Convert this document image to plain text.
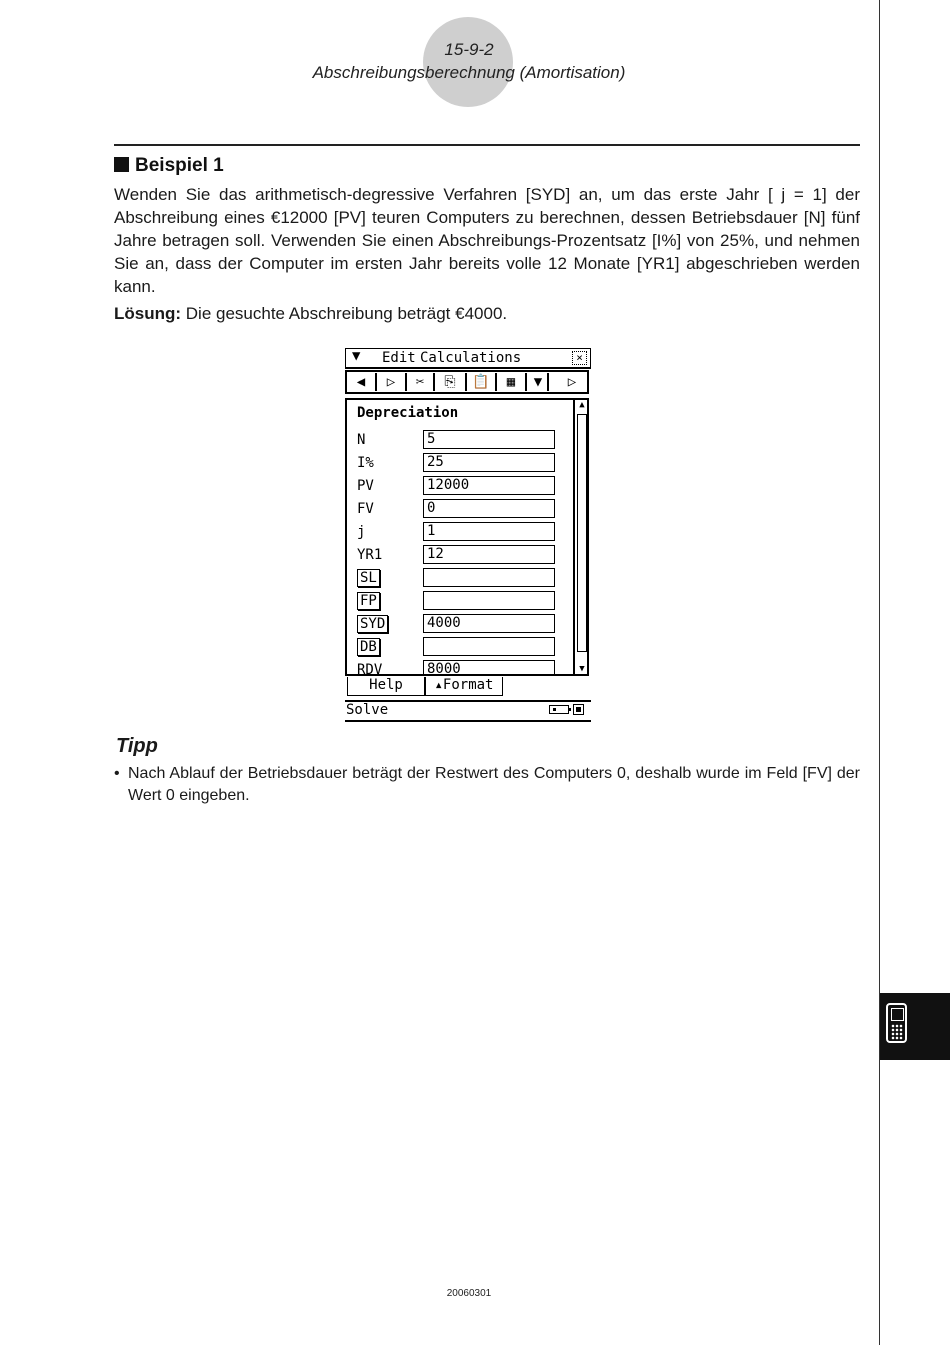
15-9-2
Abschreibungsberechnung (Amortisation)
Beispiel 1
Wenden Sie das arithmetisch-degressive Verfahren [SYD] an, um das erste Jahr [ j = 1] der Abschreibung eines €12000 [PV] teuren Computers zu berechnen, dessen Betriebsdauer [N] fünf Jahre betragen soll. Verwenden Sie einen Abschreibungs-Prozentsatz [I%] von 25%, und nehmen Sie an, dass der Computer im ersten Jahr bereits volle 12 Monate [YR1] abgeschrieben werden kann.
Lösung: Die gesuchte Abschreibung beträgt €4000.
▼ Edit Calculations	×
◀	▷	✂	⎘	📋	▦	▼	▷
Depreciation
N	5
I%	25
PV	12000
FV	0
j	1
YR1	12
SL
FP
SYD	4000
DB
RDV	8000
▲
▼
Help	▴Format
Solve
Tipp
• Nach Ablauf der Betriebsdauer beträgt der Restwert des Computers 0, deshalb wurde im Feld [FV] der Wert 0 eingeben.
20060301
